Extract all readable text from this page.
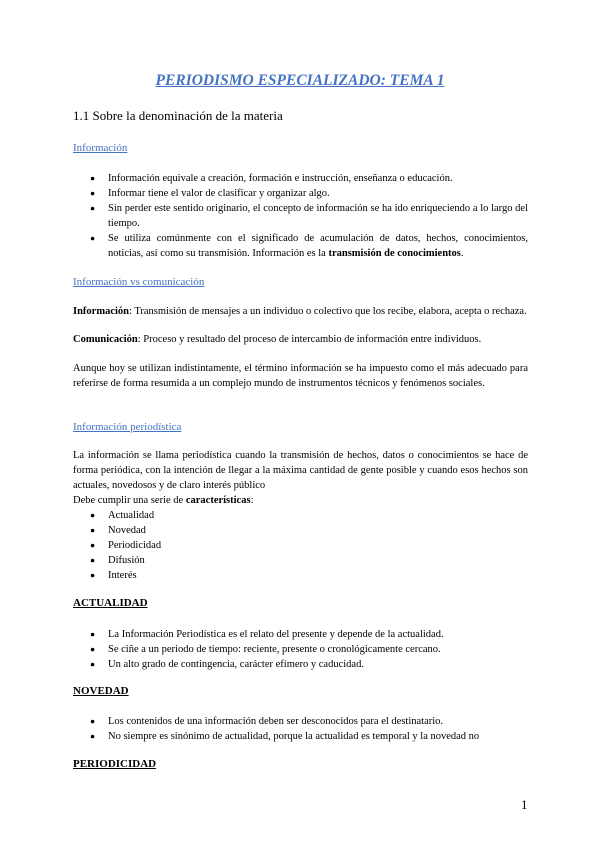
PERIODISMO ESPECIALIZADO: TEMA 1
1.1 Sobre la denominación de la materia
Información
● Información equivale a creación, formación e instrucción, enseñanza o educación.
● Informar tiene el valor de clasificar y organizar algo.
● Sin perder este sentido originario, el concepto de información se ha ido enriqueciendo a lo largo del tiempo.
● Se utiliza comúnmente con el significado de acumulación de datos, hechos, conocimientos, noticias, así como su transmisión. Información es la transmisión de conocimientos.
Información vs comunicación
Información: Transmisión de mensajes a un individuo o colectivo que los recibe, elabora, acepta o rechaza.
Comunicación: Proceso y resultado del proceso de intercambio de información entre individuos.
Aunque hoy se utilizan indistintamente, el término información se ha impuesto como el más adecuado para referirse de forma resumida a un complejo mundo de instrumentos técnicos y fenómenos sociales.
Información periodística
La información se llama periodística cuando la transmisión de hechos, datos o conocimientos se hace de forma periódica, con la intención de llegar a la máxima cantidad de gente posible y cuando esos hechos son actuales, novedosos y de claro interés público
Debe cumplir una serie de características:
● Actualidad
● Novedad
● Periodicidad
● Difusión
● Interés
ACTUALIDAD
● La Información Periodística es el relato del presente y depende de la actualidad.
● Se ciñe a un periodo de tiempo: reciente, presente o cronológicamente cercano.
● Un alto grado de contingencia, carácter efímero y caducidad.
NOVEDAD
● Los contenidos de una información deben ser desconocidos para el destinatario.
● No siempre es sinónimo de actualidad, porque la actualidad es temporal y la novedad no
PERIODICIDAD
1
